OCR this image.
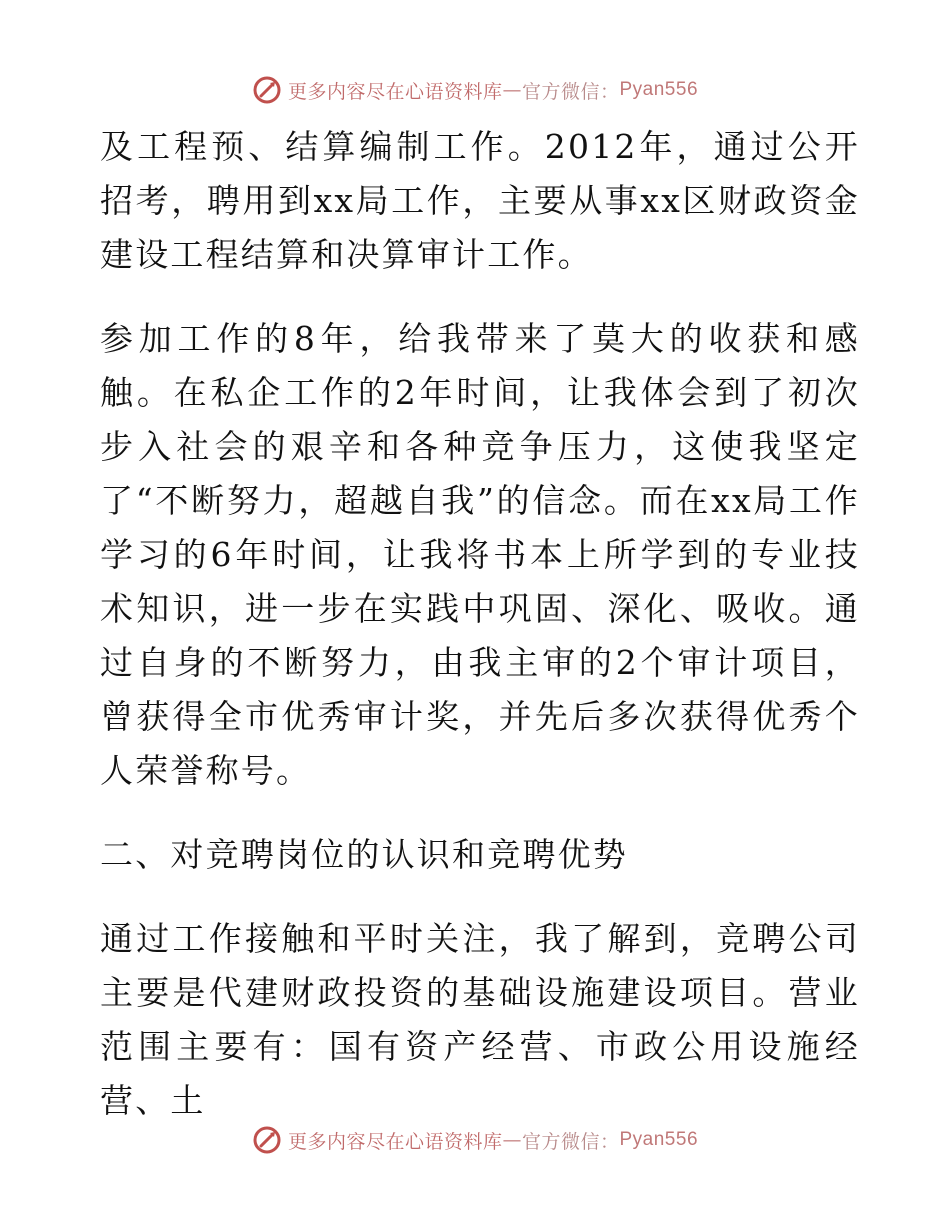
更多内容尽在心语资料库 — 官方微信： Pyan556

及工程预、结算编制工作。2012年，通过公开招考，聘用到xx局工作，主要从事xx区财政资金建设工程结算和决算审计工作。

参加工作的8年，给我带来了莫大的收获和感触。在私企工作的2年时间，让我体会到了初次步入社会的艰辛和各种竞争压力，这使我坚定了“不断努力，超越自我”的信念。而在xx局工作学习的6年时间，让我将书本上所学到的专业技术知识，进一步在实践中巩固、深化、吸收。通过自身的不断努力，由我主审的2个审计项目，曾获得全市优秀审计奖，并先后多次获得优秀个人荣誉称号。

二、对竞聘岗位的认识和竞聘优势

通过工作接触和平时关注，我了解到，竞聘公司主要是代建财政投资的基础设施建设项目。营业范围主要有：国有资产经营、市政公用设施经营、土

更多内容尽在心语资料库 — 官方微信： Pyan556
